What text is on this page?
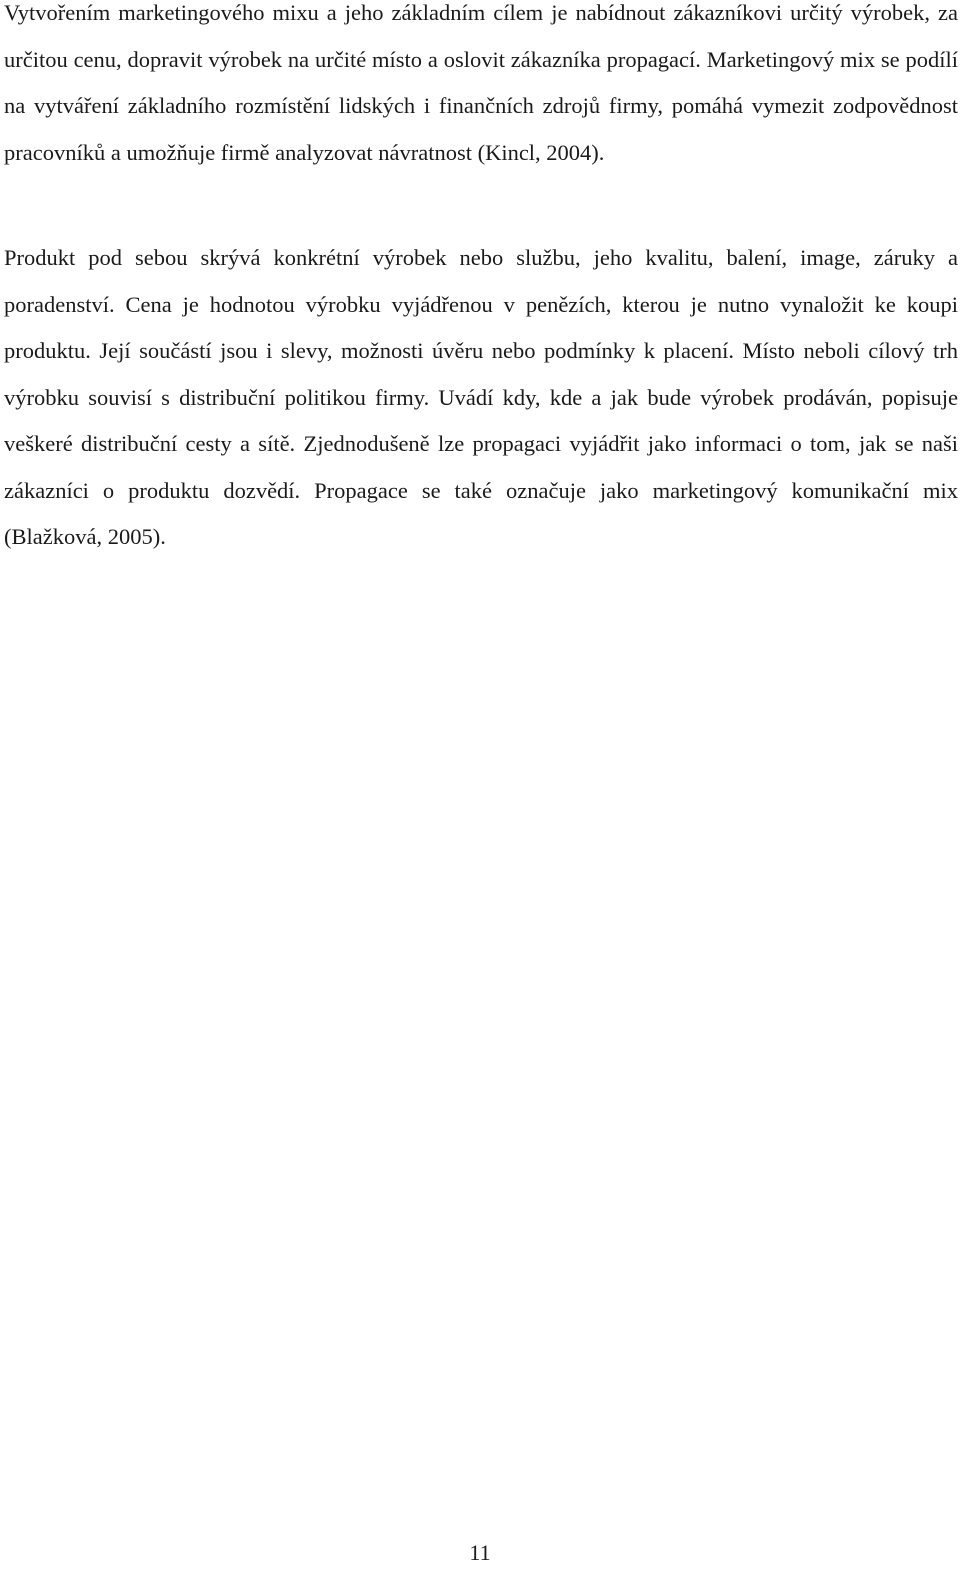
Vytvořením marketingového mixu a jeho základním cílem je nabídnout zákazníkovi určitý výrobek, za určitou cenu, dopravit výrobek na určité místo a oslovit zákazníka propagací. Marketingový mix se podílí na vytváření základního rozmístění lidských i finančních zdrojů firmy, pomáhá vymezit zodpovědnost pracovníků a umožňuje firmě analyzovat návratnost (Kincl, 2004).

Produkt pod sebou skrývá konkrétní výrobek nebo službu, jeho kvalitu, balení, image, záruky a poradenství. Cena je hodnotou výrobku vyjádřenou v penězích, kterou je nutno vynaložit ke koupi produktu. Její součástí jsou i slevy, možnosti úvěru nebo podmínky k placení. Místo neboli cílový trh výrobku souvisí s distribuční politikou firmy. Uvádí kdy, kde a jak bude výrobek prodáván, popisuje veškeré distribuční cesty a sítě. Zjednodušeně lze propagaci vyjádřit jako informaci o tom, jak se naši zákazníci o produktu dozvědí. Propagace se také označuje jako marketingový komunikační mix (Blažková, 2005).

11
